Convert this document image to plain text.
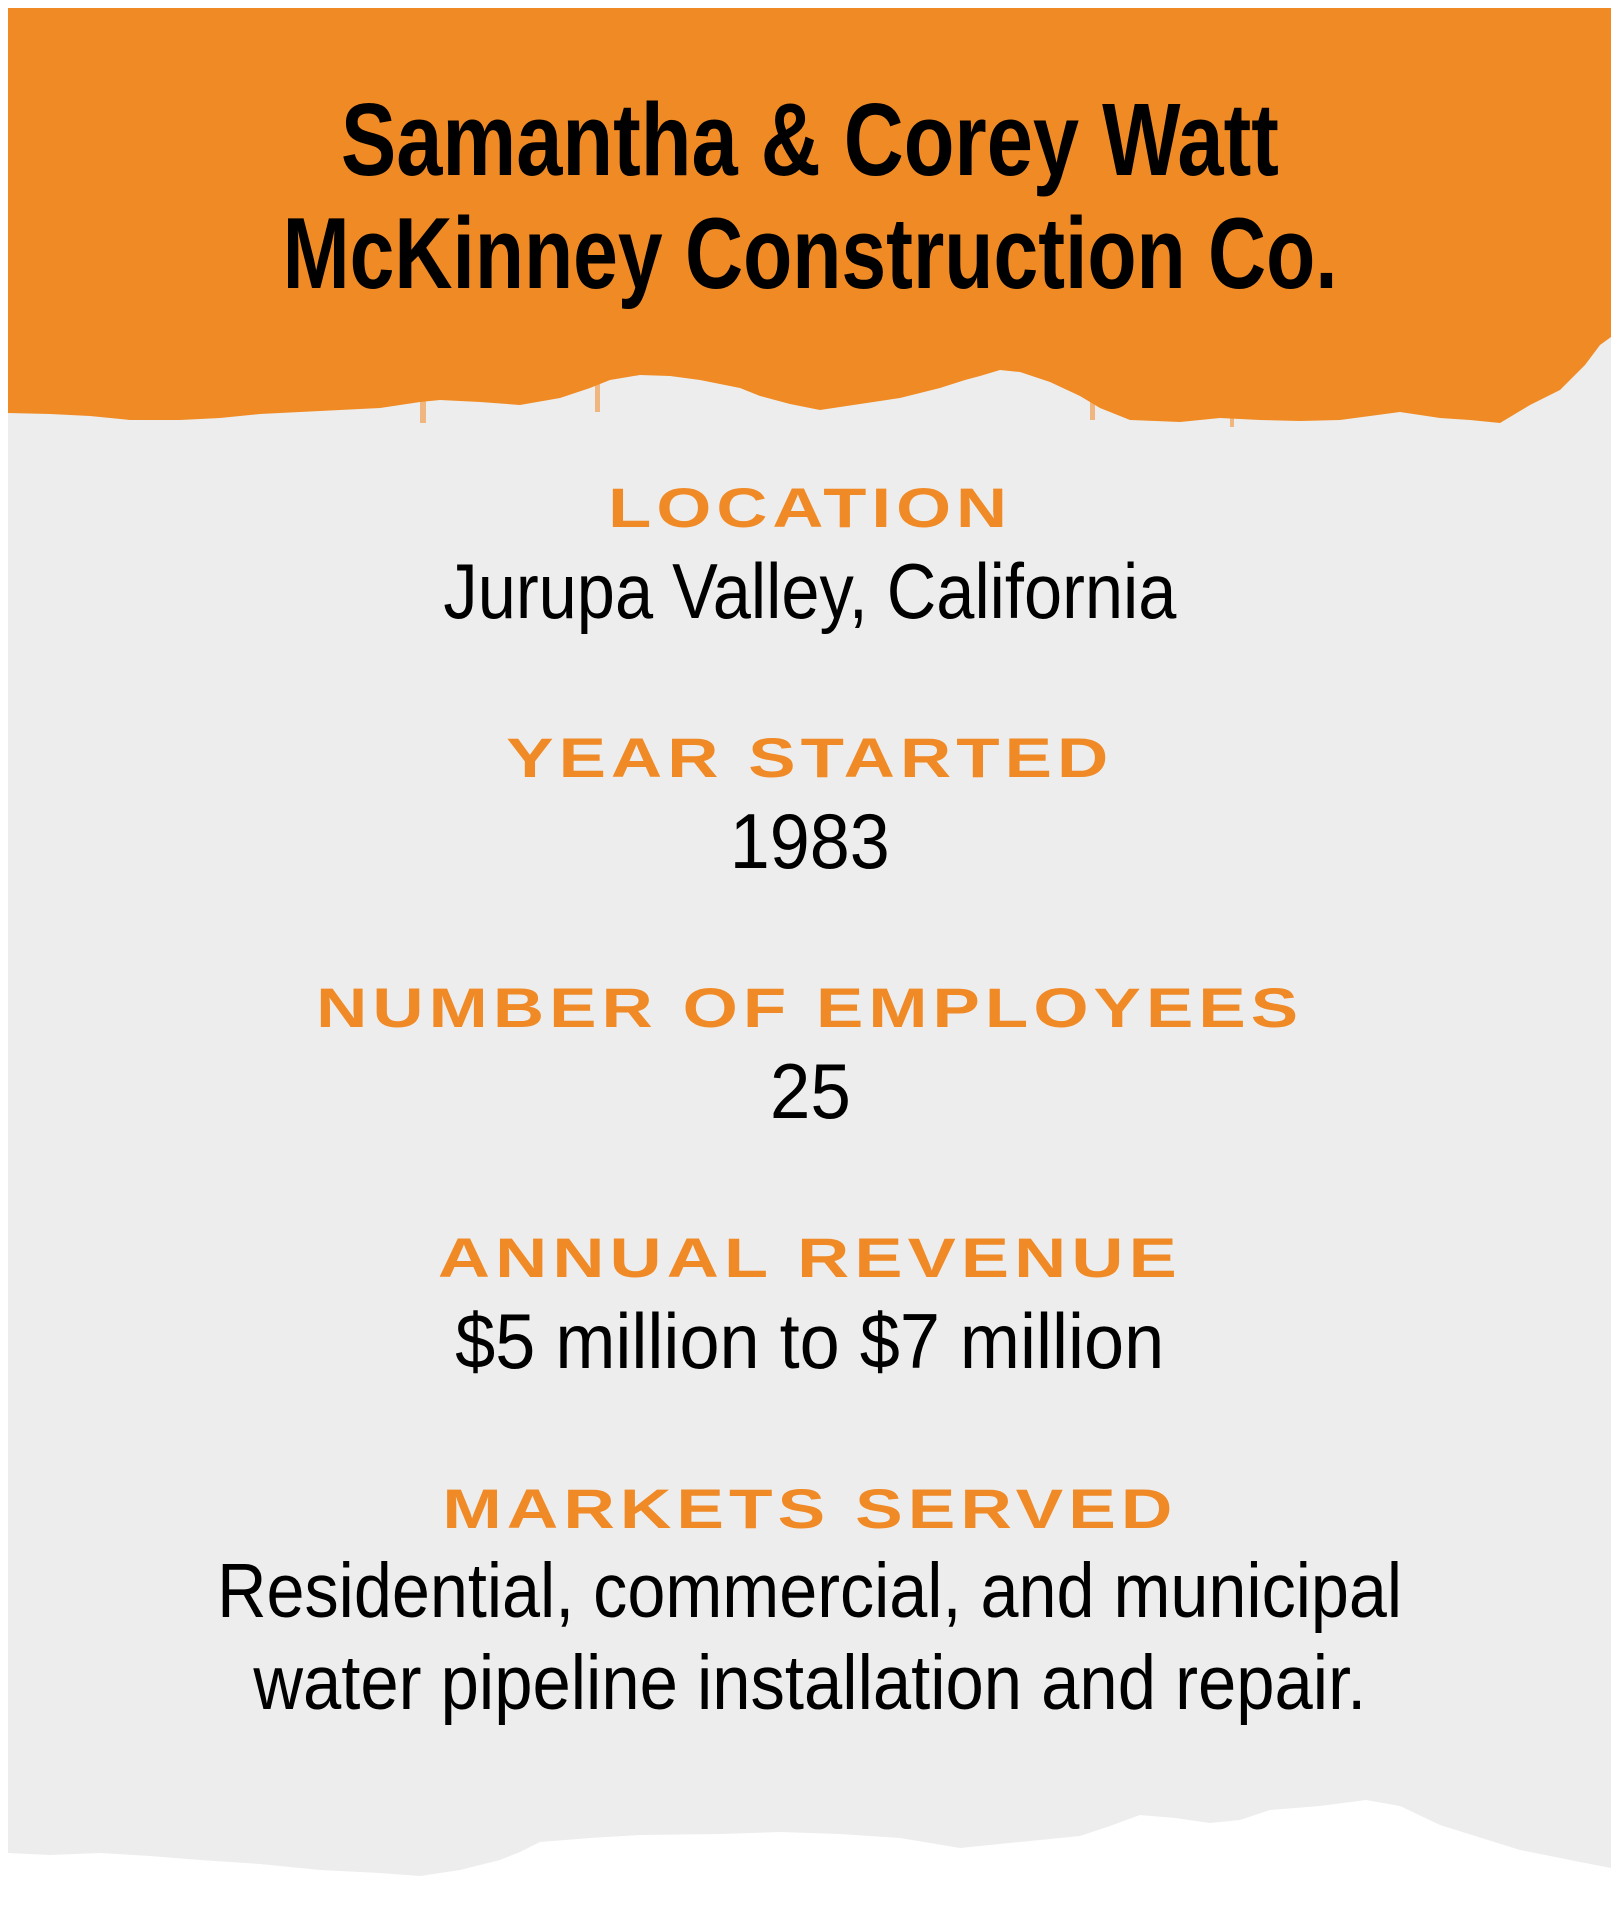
Samantha & Corey Watt
McKinney Construction Co.
LOCATION
Jurupa Valley, California
YEAR STARTED
1983
NUMBER OF EMPLOYEES
25
ANNUAL REVENUE
$5 million to $7 million
MARKETS SERVED
Residential, commercial, and municipal
water pipeline installation and repair.
